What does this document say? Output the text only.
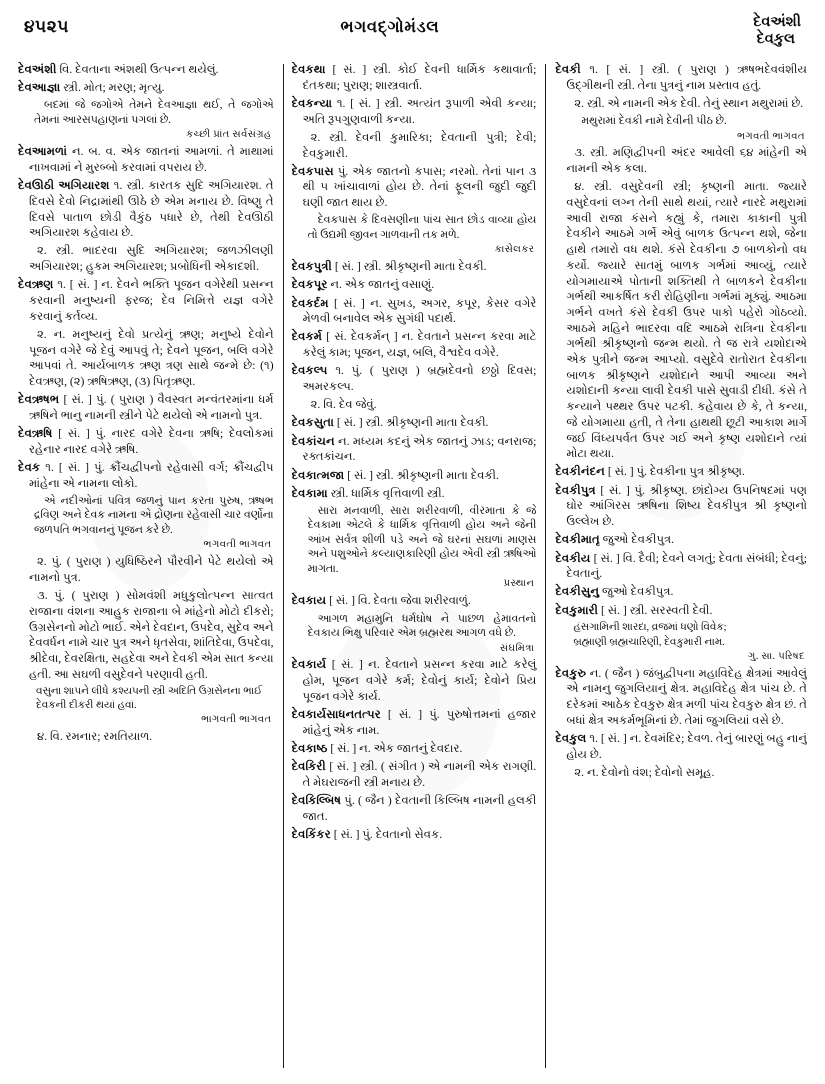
૪૫૨૫	ભગવદ્ગોમંડલ	દેવઅંશી
દેવકુલ

દેવઅંશી વિ. દેવતાના અંશથી ઉત્પન્ન થયેલું.

દેવઆજ્ઞા સ્ત્રી. મોત; મરણ; મૃત્યુ.

બદમાં જે જગોએ તેમને દેવઆજ્ઞા થઈ, તે જગોએ તેમનાં આરસપહાણનાં પગલાં છે.
કચ્છી પ્રાંત સર્વસંગ્રહ

દેવઆમળાં ન. બ. વ. એક જાતનાં આમળાં. તે માથામાં નાખવામાં ને મુરબ્બો કરવામાં વપરાય છે.

દેવઊઠી અગિયારશ ૧. સ્ત્રી. કારતક સુદિ અગિયારશ. તે દિવસે દેવો નિદ્રામાંથી ઊઠે છે એમ મનાય છે. વિષ્ણુ તે દિવસે પાતાળ છોડી વૈકુંઠ પધારે છે, તેથી દેવઊઠી અગિયારશ કહેવાય છે.

૨. સ્ત્રી. ભાદરવા સુદિ અગિયારશ; જળઝીલણી અગિયારશ; હુકમ અગિયારશ; પ્રબોધિની એકાદશી.

દેવઋણ ૧. [ સં. ] ન. દેવને ભક્તિ પૂજન વગેરેથી પ્રસન્ન કરવાની મનુષ્યની ફરજ; દેવ નિમિત્તે યજ્ઞ વગેરે કરવાનું કર્તવ્ય.

૨. ન. મનુષ્યનું દેવો પ્રત્યેનું ઋણ; મનુષ્યે દેવોને પૂજન વગેરે જે દેવું આપવું તે; દેવને પૂજન, બલિ વગેરે આપવાં તે. આર્યબાળક ઋણ ત્રણ સાથે જન્મે છે: (૧) દેવઋણ, (૨) ઋષિઋણ, (૩) પિતૃઋણ.

દેવઋષભ [ સં. ] પું. ( પુરાણ ) વૈવસ્વત મન્વંતરમાંના ધર્મ ઋષિને ભાનુ નામની સ્ત્રીને પેટે થયેલો એ નામનો પુત્ર.

દેવઋષિ [ સં. ] પું. નારદ વગેરે દેવના ઋષિ; દેવલોકમાં રહેનાર નારદ વગેરે ઋષિ.

દેવક ૧. [ સં. ] પું. ક્રૌંચદ્વીપનો રહેવાસી વર્ગ; ક્રૌંચદ્વીપ માંહેના એ નામના લોકો.

એ નદીઓનાં પવિત્ર જળનું પાન કરતા પુરુષ, ઋષભ દ્રવિણ અને દેવક નામના એ દ્રોણના રહેવાસી ચાર વર્ણોના જળપતિ ભગવાનનું પૂજન કરે છે.
ભગવતી ભાગવત

૨. પું. ( પુરાણ ) યુધિષ્ઠિરને પૌરવીને પેટે થયેલો એ નામનો પુત્ર.

૩. પું. ( પુરાણ ) સોમવંશી મધુકુલોત્પન્ન સાત્વત રાજાના વંશના આહુક રાજાના બે માંહેનો મોટો દીકરો; ઉગ્રસેનનો મોટો ભાઈ. એને દેવદાન, ઉપદેવ, સુદેવ અને દેવવર્ધન નામે ચાર પુત્ર અને ધૃતસેવા, શાંતિદેવા, ઉપદેવા, શ્રીદેવા, દેવરક્ષિતા, સહદેવા અને દેવકી એમ સાત કન્યા હતી. આ સઘળી વસુદેવને પરણાવી હતી.

વસુના શાપને લીધે કશ્યપની સ્ત્રી અદિતિ ઉગ્રસેનના ભાઈ દેવકની દીકરી થયાં હવાં.
ભાગવતી ભાગવત

૪. વિ. રમનાર; રમતિયાળ.

દેવકથા [ સં. ] સ્ત્રી. કોઈ દેવની ધાર્મિક કથાવાર્તા; દંતકથા; પુરાણ; શાસ્ત્રવાર્તા.

દેવકન્યા ૧. [ સં. ] સ્ત્રી. અત્યંત રૂપાળી એવી કન્યા; અતિ રૂપગુણવાળી કન્યા.

૨. સ્ત્રી. દેવની કુમારિકા; દેવતાની પુત્રી; દેવી; દેવકુમારી.

દેવકપાસ પું. એક જાતનો કપાસ; નરમો. તેનાં પાન ૩ થી ૫ ખાંચાવાળાં હોય છે. તેનાં ફૂલની જુદી જુદી ઘણી જાત થાય છે.

દેવકપાસ કે દિવસણીના પાંચ સાત છોડ વાવ્યા હોય તો ઉદ્યમી જીવન ગાળવાની તક મળે.
કાસેલકર

દેવકપુત્રી [ સં. ] સ્ત્રી. શ્રીકૃષ્ણની માતા દેવકી.

દેવકપૂર ન. એક જાતનું વસાણું.

દેવકર્દમ [ સં. ] ન. સુખડ, અગર, કપૂર, કેસર વગેરે મેળવી બનાવેલ એક સુગંધી પદાર્થ.

દેવકર્મ [ સં. દેવકર્મન્ ] ન. દેવતાને પ્રસન્ન કરવા માટે કરેલું કામ; પૂજન, યજ્ઞ, બલિ, વૈશ્વદેવ વગેરે.

દેવકલ્પ ૧. પું. ( પુરાણ ) બ્રહ્મદેવનો છઠ્ઠો દિવસ; અમરકલ્પ.

૨. વિ. દેવ જેવું.

દેવકસુતા [ સં. ] સ્ત્રી. શ્રીકૃષ્ણની માતા દેવકી.

દેવકાંચન ન. મધ્યમ કદનું એક જાતનું ઝાડ; વનરાજ; રક્તકાંચન.

દેવકાત્મજા [ સં. ] સ્ત્રી. શ્રીકૃષ્ણની માતા દેવકી.

દેવકામા સ્ત્રી. ધાર્મિક વૃત્તિવાળી સ્ત્રી.

સારા મનવાળી, સારા શરીરવાળી, વીરમાતા કે જે દેવકામા એટલે કે ધાર્મિક વૃત્તિવાળી હોય અને જેની આંખ સર્વત્ર શીળી પડે અને જે ઘરનાં સઘળાં માણસ અને પશુઓને કલ્યાણકારિણી હોય એવી સ્ત્રી ઋષિઓ માગતા.
પ્રસ્થાન

દેવકાય [ સં. ] વિ. દેવતા જેવા શરીરવાળું.

આગળ મહામુનિ ધર્મઘોષ ને પાછળ હેમાવતનો દેવકાય ભિક્ષુ પરિવાર એમ બ્રહ્મરથ આગળ વધે છે.
સંઘમિત્રા

દેવકાર્ય [ સં. ] ન. દેવતાને પ્રસન્ન કરવા માટે કરેલું હોમ, પૂજન વગેરે કર્મ; દેવોનું કાર્ય; દેવોને પ્રિય પૂજન વગેરે કાર્ય.

દેવકાર્યસાધનતત્પર [ સં. ] પું. પુરુષોત્તમનાં હજાર માંહેનું એક નામ.

દેવકાષ્ઠ [ સં. ] ન. એક જાતનું દેવદાર.

દેવકિરી [ સં. ] સ્ત્રી. ( સંગીત ) એ નામની એક રાગણી. તે મેઘરાજની સ્ત્રી મનાય છે.

દેવકિલ્બિષ પું. ( જૈન ) દેવતાની કિલ્બિષ નામની હલકી જાત.

દેવકિંકર [ સં. ] પું. દેવતાનો સેવક.

દેવકી ૧. [ સં. ] સ્ત્રી. ( પુરાણ ) ઋષભદેવવંશીય ઉદ્ગીથની સ્ત્રી. તેના પુત્રનું નામ પ્રસ્તાવ હતું.

૨. સ્ત્રી. એ નામની એક દેવી. તેનું સ્થાન મથુરામાં છે.

મથુરામાં દેવકી નામે દેવીની પીઠ છે.
ભગવતી ભાગવત

૩. સ્ત્રી. મણિદ્વીપની અંદર આવેલી ૬૪ માંહેની એ નામની એક કલા.

૪. સ્ત્રી. વસુદેવની સ્ત્રી; કૃષ્ણની માતા. જ્યારે વસુદેવનાં લગ્ન તેની સાથે થયાં, ત્યારે નારદે મથુરામાં આવી રાજા કંસને કહ્યું કે, તમારા કાકાની પુત્રી દેવકીને આઠમે ગર્ભે એવું બાળક ઉત્પન્ન થશે, જેના હાથે તમારો વધ થશે. કંસે દેવકીના ૭ બાળકોનો વધ કર્યો. જ્યારે સાતમું બાળક ગર્ભમાં આવ્યું, ત્યારે યોગમાયાએ પોતાની શક્તિથી તે બાળકને દેવકીના ગર્ભથી આકર્ષિત કરી રોહિણીના ગર્ભમાં મૂક્યું. આઠમા ગર્ભને વખતે કંસે દેવકી ઉપર પાકો પહેરો ગોઠવ્યો. આઠમે મહિને ભાદરવા વદિ આઠમે રાત્રિના દેવકીના ગર્ભથી શ્રીકૃષ્ણનો જન્મ થયો. તે જ રાત્રે યશોદાએ એક પુત્રીને જન્મ આપ્યો. વસુદેવે રાતોરાત દેવકીના બાળક શ્રીકૃષ્ણને યશોદાને આપી આવ્યા અને યશોદાની કન્યા લાવી દેવકી પાસે સુવાડી દીધી. કંસે તે કન્યાને પથ્થર ઉપર પટકી. કહેવાય છે કે, તે કન્યા, જે યોગમાયા હતી, તે તેના હાથથી છૂટી આકાશ માર્ગે જઈ વિંધ્યપર્વત ઉપર ગઈ અને કૃષ્ણ યશોદાને ત્યાં મોટા થયા.

દેવકીનંદન [ સં. ] પું. દેવકીના પુત્ર શ્રીકૃષ્ણ.

દેવકીપુત્ર [ સં. ] પું. શ્રીકૃષ્ણ. છાંદોગ્ય ઉપનિષદમાં પણ ઘોર આંગિરસ ઋષિના શિષ્ય દેવકીપુત્ર શ્રી કૃષ્ણનો ઉલ્લેખ છે.

દેવકીમાતૃ જુઓ દેવકીપુત્ર.

દેવકીય [ સં. ] વિ. દૈવી; દેવને લગતું; દેવતા સંબંધી; દેવનું; દેવતાનું.

દેવકીસુનુ જુઓ દેવકીપુત્ર.

દેવકુમારી [ સં. ] સ્ત્રી. સરસ્વતી દેવી.

હંસગામિની શારદા, વ્રજમાં ધણો વિવેક;
બ્રહ્માણી બ્રહ્મચારિણી, દેવકુમારી નામ.
ગુ. સા. પરિષદ

દેવકુરુ ન. ( જૈન ) જંબુદ્વીપના મહાવિદેહ ક્ષેત્રમાં આવેલું એ નામનુ જુગલિયાનું ક્ષેત્ર. મહાવિદેહ ક્ષેત્ર પાંચ છે. તે દરેકમાં આઠેક દેવકુરુ ક્ષેત્ર મળી પાંચ દેવકુરુ ક્ષેત્ર છં. તે બધાં ક્ષેત્ર અકર્મભૂમિનાં છે. તેમાં જુગલિયાં વસે છે.

દેવકુલ ૧. [ સં. ] ન. દેવમંદિર; દેવળ. તેનું બારણું બહુ નાનું હોય છે.

૨. ન. દેવોનો વંશ; દેવોનો સમૂહ.
